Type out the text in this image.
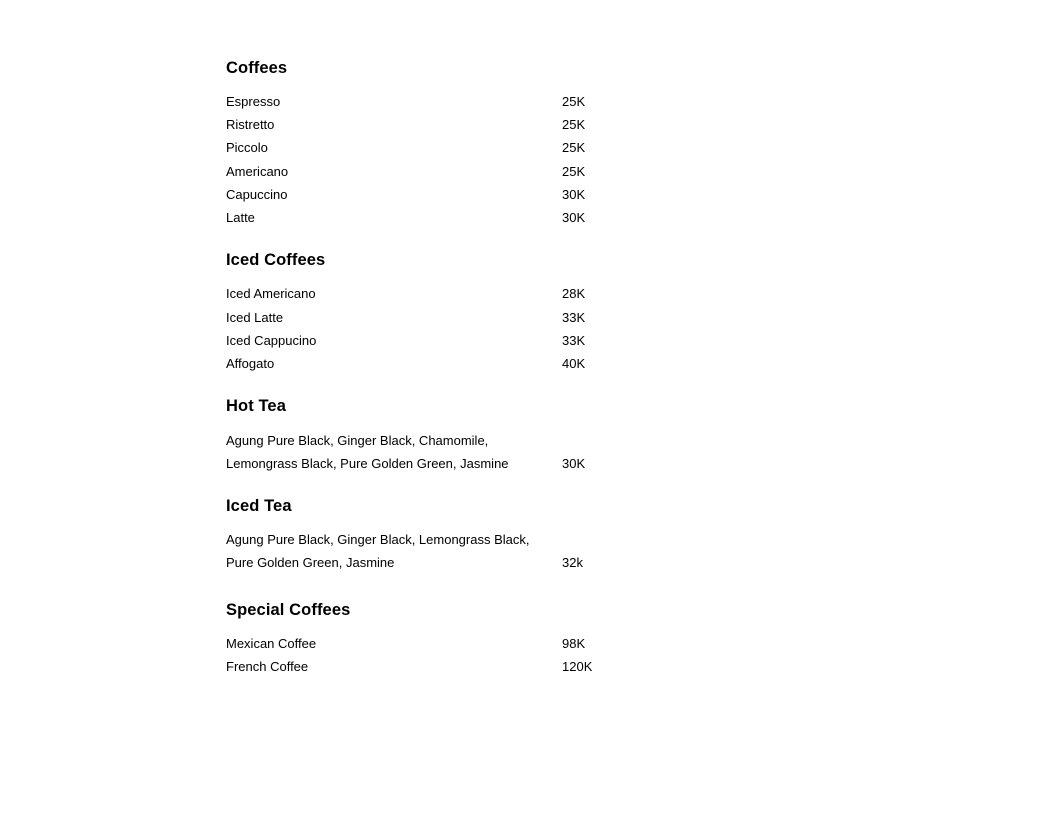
Coffees
Espresso	25K
Ristretto	25K
Piccolo	25K
Americano	25K
Capuccino	30K
Latte	30K
Iced Coffees
Iced Americano	28K
Iced Latte	33K
Iced Cappucino	33K
Affogato	40K
Hot Tea
Agung Pure Black, Ginger Black, Chamomile,
Lemongrass Black, Pure Golden Green, Jasmine	30K
Iced Tea
Agung Pure Black, Ginger Black, Lemongrass Black,
Pure Golden Green, Jasmine	32k
Special Coffees
Mexican Coffee	98K
French Coffee	120K
